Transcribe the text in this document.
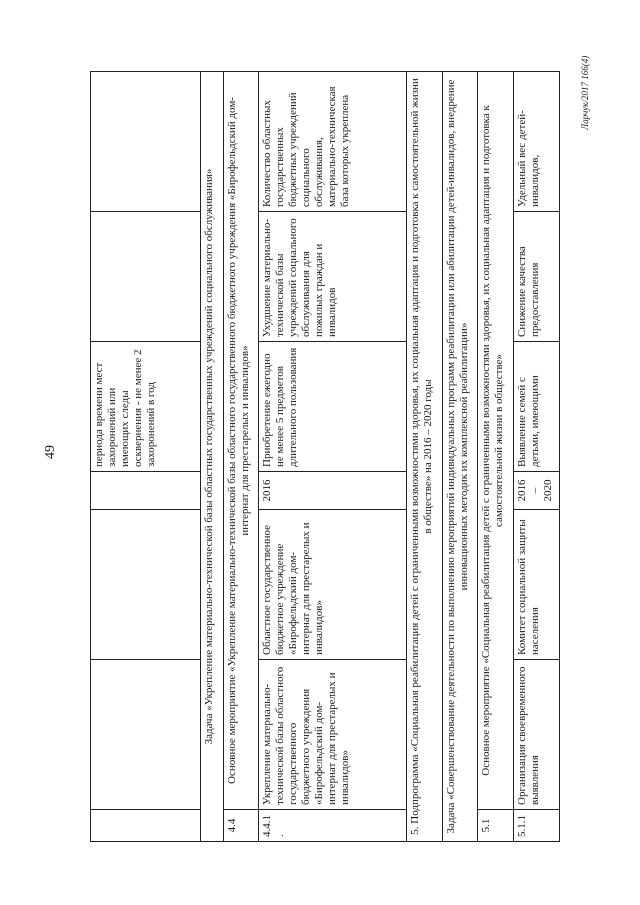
49
Ларчук/2017 166(4)
				периода времени мест захоронений или имеющих следы осквернения - не менее 2 захоронений в год		
Задача «Укрепление материально-технической базы областных государственных учреждений социального обслуживания»						
4.4	Основное мероприятие «Укрепление материально-технической базы областного государственного бюджетного учреждения «Бирофельдский дом-интернат для престарелых и инвалидов»					
4.4.1.	Укрепление материально-технической базы областного государственного бюджетного учреждения «Бирофельдский дом-интернат для престарелых и инвалидов»	Областное государственное бюджетное учреждение «Бирофельдский дом-интернат для престарелых и инвалидов»	2016	Приобретение ежегодно не менее 5 предметов длительного пользования	Ухудшение материально-технической базы учреждений социального обслуживания для пожилых граждан и инвалидов	Количество областных государственных бюджетных учреждений социального обслуживания, материально-техническая база которых укреплена
5. Подпрограмма «Социальная реабилитация детей с ограниченными возможностями здоровья, их социальная адаптация и подготовка к самостоятельной жизни в обществе» на 2016 – 2020 годы						
Задача «Совершенствование деятельности по выполнению мероприятий индивидуальных программ реабилитации или абилитации детей-инвалидов, внедрение инновационных методик их комплексной реабилитации»						
5.1	Основное мероприятие «Социальная реабилитация детей с ограниченными возможностями здоровья, их социальная адаптация и подготовка к самостоятельной жизни в обществе»					
5.1.1	Организация своевременного выявления	Комитет социальной защиты населения	2016 – 2020	Выявление семей с детьми, имеющими	Снижение качества предоставления	Удельный вес детей-инвалидов,
